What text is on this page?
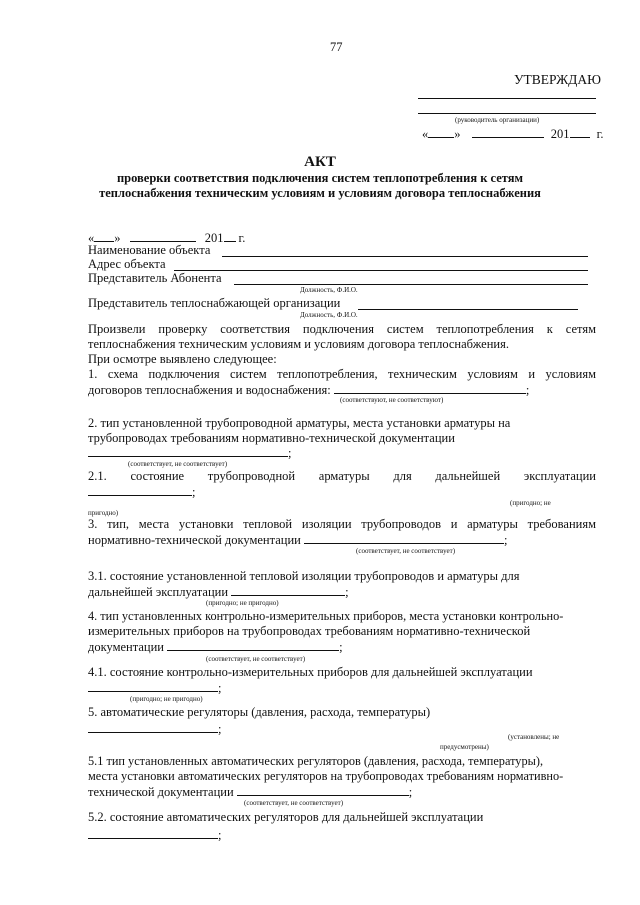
77
УТВЕРЖДАЮ
(руководитель организации)
« »	201 г.
АКТ
проверки соответствия подключения систем теплопотребления к сетям
теплоснабжения техническим условиям и условиям договора теплоснабжения
« »	201 г.
Наименование объекта
Адрес объекта
Представитель Абонента
Должность, Ф.И.О.
Представитель теплоснабжающей организации
Должность, Ф.И.О.
Произвели проверку соответствия подключения систем теплопотребления к сетям
теплоснабжения техническим условиям и условиям договора теплоснабжения.
При осмотре выявлено следующее:
1. схема подключения систем теплопотребления, техническим условиям и условиям
договоров теплоснабжения и водоснабжения:	;
(соответствуют, не соответствуют)
2. тип установленной трубопроводной арматуры, места установки арматуры на
трубопроводах требованиям нормативно-технической документации
;
(соответствует, не соответствует)
2.1. состояние трубопроводной арматуры для дальнейшей эксплуатации
;
(пригодно; не
пригодно)
3. тип, места установки тепловой изоляции трубопроводов и арматуры требованиям
нормативно-технической документации	;
(соответствует, не соответствует)
3.1. состояние установленной тепловой изоляции трубопроводов и арматуры для
дальнейшей эксплуатации	;
(пригодно; не пригодно)
4. тип установленных контрольно-измерительных приборов, места установки контрольно-
измерительных приборов на трубопроводах требованиям нормативно-технической
документации	;
(соответствует, не соответствует)
4.1. состояние контрольно-измерительных приборов для дальнейшей эксплуатации
;
(пригодно; не пригодно)
5. автоматические регуляторы (давления, расхода, температуры)
;
(установлены; не
предусмотрены)
5.1 тип установленных автоматических регуляторов (давления, расхода, температуры),
места установки автоматических регуляторов на трубопроводах требованиям нормативно-
технической документации	;
(соответствует, не соответствует)
5.2. состояние автоматических регуляторов для дальнейшей эксплуатации
;
